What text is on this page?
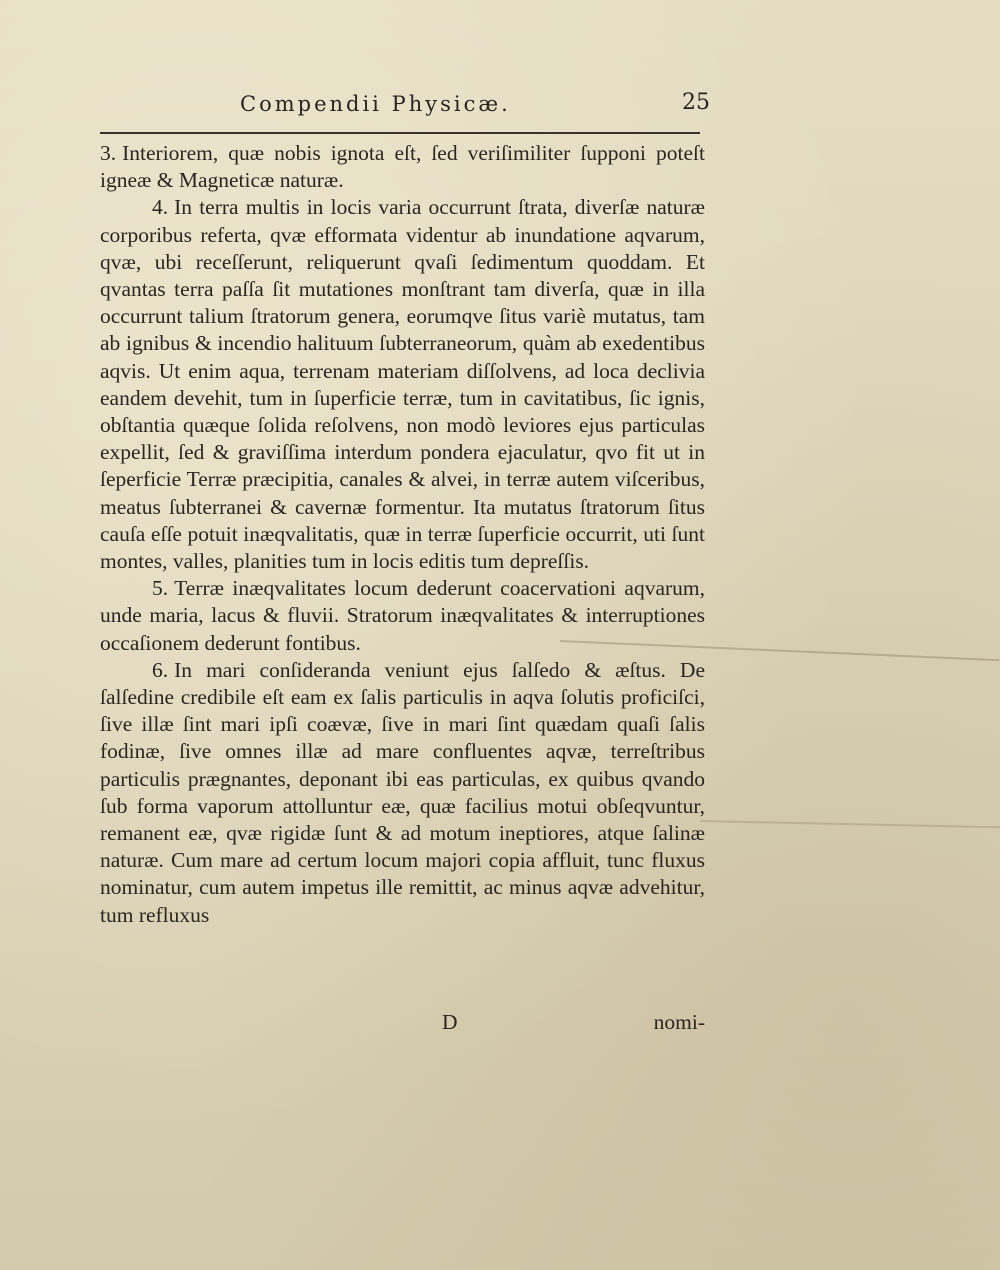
Compendii Physicæ.	25

3. Interiorem, quæ nobis ignota eſt, ſed veriſimiliter ſupponi poteſt igneæ & Magneticæ naturæ.

4. In terra multis in locis varia occurrunt ſtrata, diverſæ naturæ corporibus referta, qvæ efformata videntur ab inundatione aqvarum, qvæ, ubi receſſerunt, reliquerunt qvaſi ſedimentum quoddam. Et qvantas terra paſſa ſit mutationes monſtrant tam diverſa, quæ in illa occurrunt talium ſtratorum genera, eorumqve ſitus variè mutatus, tam ab ignibus & incendio halituum ſubterraneorum, quàm ab exedentibus aqvis. Ut enim aqua, terrenam materiam diſſolvens, ad loca declivia eandem devehit, tum in ſuperficie terræ, tum in cavitatibus, ſic ignis, obſtantia quæque ſolida reſolvens, non modò leviores ejus particulas expellit, ſed & graviſſima interdum pondera ejaculatur, qvo fit ut in ſeperficie Terræ præcipitia, canales & alvei, in terræ autem viſceribus, meatus ſubterranei & cavernæ formentur. Ita mutatus ſtratorum ſitus cauſa eſſe potuit inæqvalitatis, quæ in terræ ſuperficie occurrit, uti ſunt montes, valles, planities tum in locis editis tum depreſſis.

5. Terræ inæqvalitates locum dederunt coacervationi aqvarum, unde maria, lacus & fluvii. Stratorum inæqvalitates & interruptiones occaſionem dederunt fontibus.

6. In mari conſideranda veniunt ejus ſalſedo & æſtus. De ſalſedine credibile eſt eam ex ſalis particulis in aqva ſolutis proficiſci, ſive illæ ſint mari ipſi coævæ, ſive in mari ſint quædam quaſi ſalis fodinæ, ſive omnes illæ ad mare confluentes aqvæ, terreſtribus particulis prægnantes, deponant ibi eas particulas, ex quibus qvando ſub forma vaporum attolluntur eæ, quæ facilius motui obſeqvuntur, remanent eæ, qvæ rigidæ ſunt & ad motum ineptiores, atque ſalinæ naturæ. Cum mare ad certum locum majori copia affluit, tunc fluxus nominatur, cum autem impetus ille remittit, ac minus aqvæ advehitur, tum refluxus

D	nomi-
